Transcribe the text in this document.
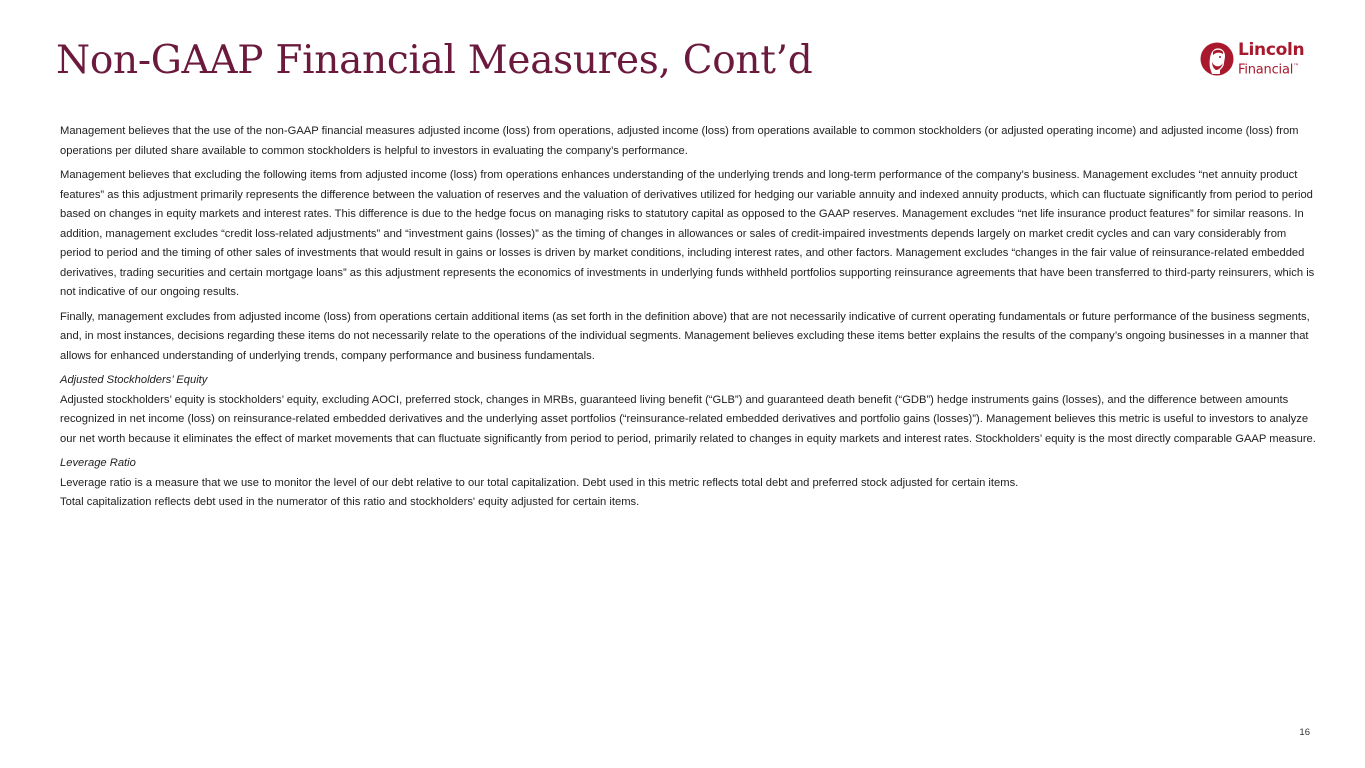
Non-GAAP Financial Measures, Cont’d	Lincoln
Financial™

Management believes that the use of the non-GAAP financial measures adjusted income (loss) from operations, adjusted income (loss) from operations available to common stockholders (or adjusted operating income) and adjusted income (loss) from operations per diluted share available to common stockholders is helpful to investors in evaluating the company’s performance.

Management believes that excluding the following items from adjusted income (loss) from operations enhances understanding of the underlying trends and long-term performance of the company’s business. Management excludes “net annuity product features” as this adjustment primarily represents the difference between the valuation of reserves and the valuation of derivatives utilized for hedging our variable annuity and indexed annuity products, which can fluctuate significantly from period to period based on changes in equity markets and interest rates. This difference is due to the hedge focus on managing risks to statutory capital as opposed to the GAAP reserves. Management excludes “net life insurance product features” for similar reasons. In addition, management excludes “credit loss-related adjustments” and “investment gains (losses)” as the timing of changes in allowances or sales of credit-impaired investments depends largely on market credit cycles and can vary considerably from period to period and the timing of other sales of investments that would result in gains or losses is driven by market conditions, including interest rates, and other factors. Management excludes “changes in the fair value of reinsurance-related embedded derivatives, trading securities and certain mortgage loans” as this adjustment represents the economics of investments in underlying funds withheld portfolios supporting reinsurance agreements that have been transferred to third-party reinsurers, which is not indicative of our ongoing results.

Finally, management excludes from adjusted income (loss) from operations certain additional items (as set forth in the definition above) that are not necessarily indicative of current operating fundamentals or future performance of the business segments, and, in most instances, decisions regarding these items do not necessarily relate to the operations of the individual segments. Management believes excluding these items better explains the results of the company’s ongoing businesses in a manner that allows for enhanced understanding of underlying trends, company performance and business fundamentals.

Adjusted Stockholders’ Equity

Adjusted stockholders’ equity is stockholders’ equity, excluding AOCI, preferred stock, changes in MRBs, guaranteed living benefit (“GLB”) and guaranteed death benefit (“GDB”) hedge instruments gains (losses), and the difference between amounts recognized in net income (loss) on reinsurance-related embedded derivatives and the underlying asset portfolios (“reinsurance-related embedded derivatives and portfolio gains (losses)”). Management believes this metric is useful to investors to analyze our net worth because it eliminates the effect of market movements that can fluctuate significantly from period to period, primarily related to changes in equity markets and interest rates. Stockholders’ equity is the most directly comparable GAAP measure.

Leverage Ratio

Leverage ratio is a measure that we use to monitor the level of our debt relative to our total capitalization. Debt used in this metric reflects total debt and preferred stock adjusted for certain items.

Total capitalization reflects debt used in the numerator of this ratio and stockholders' equity adjusted for certain items.

16
